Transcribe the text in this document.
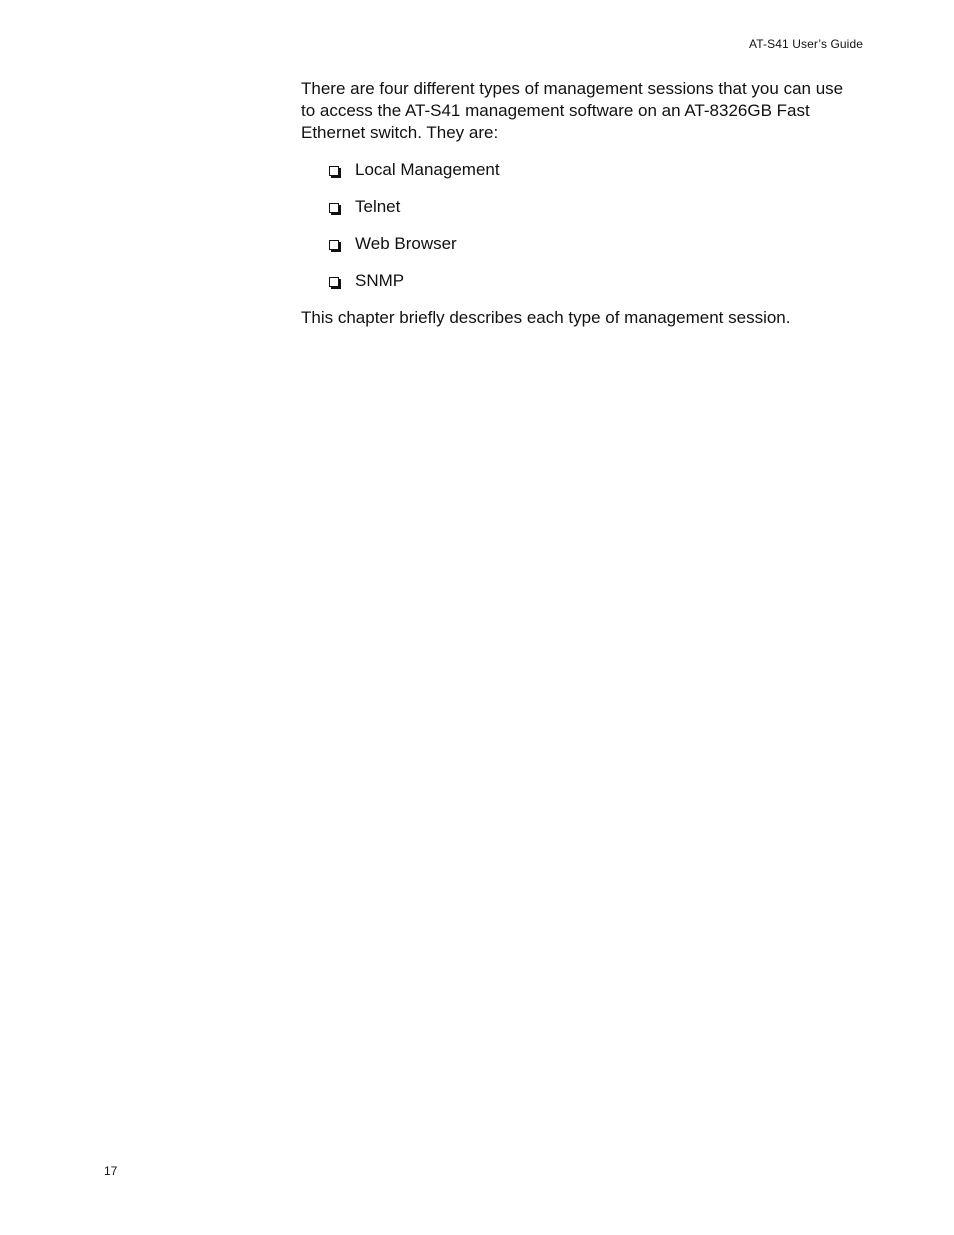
AT-S41 User’s Guide

There are four different types of management sessions that you can use
to access the AT-S41 management software on an AT-8326GB Fast
Ethernet switch. They are:

Local Management
Telnet
Web Browser
SNMP

This chapter briefly describes each type of management session.

17
